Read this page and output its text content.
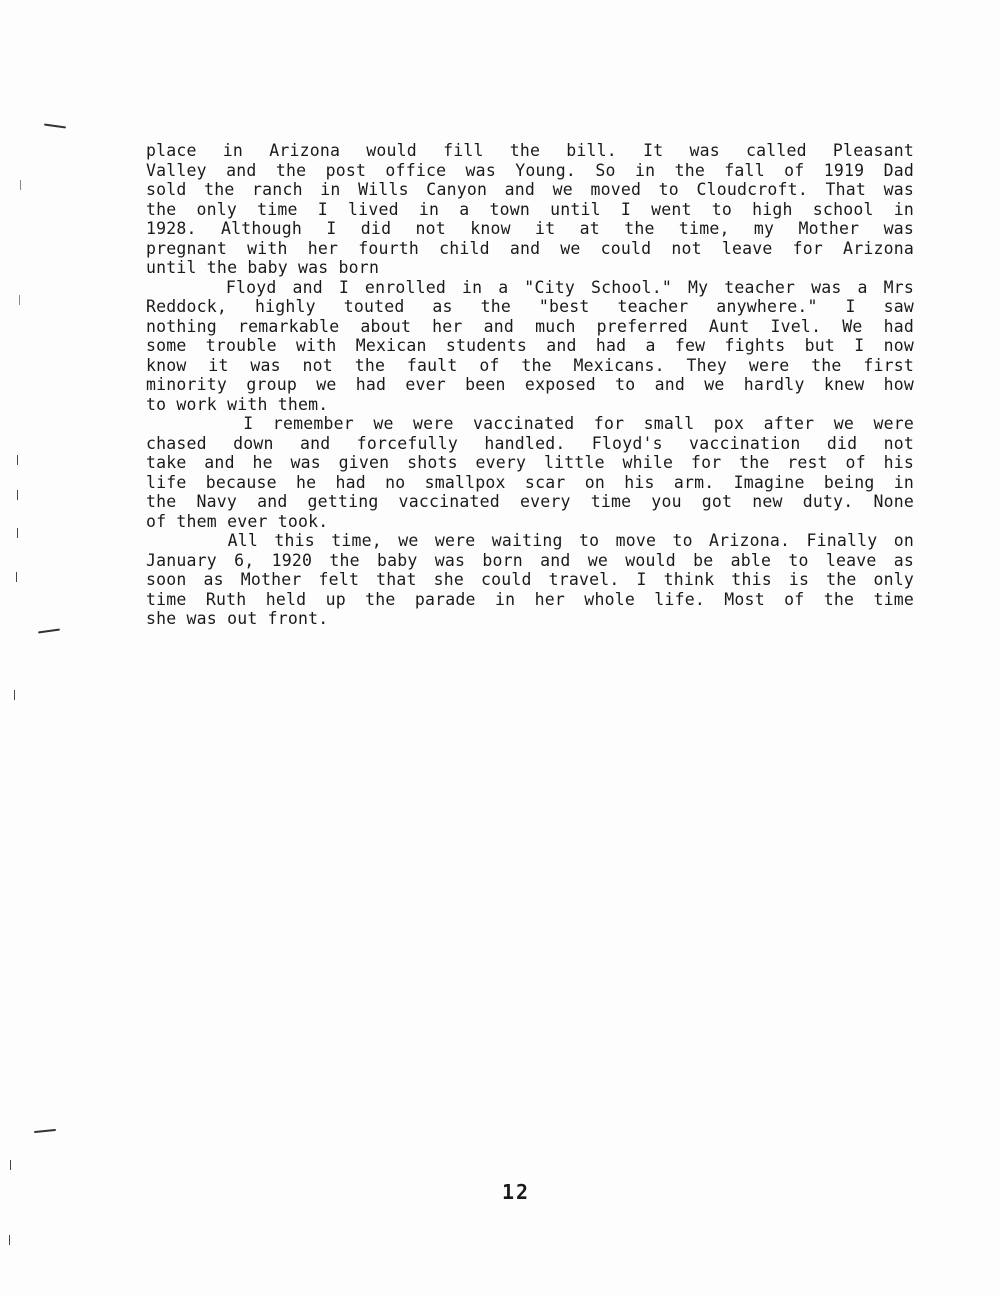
place in Arizona would fill the bill. It was called Pleasant
Valley and the post office was Young. So in the fall of 1919 Dad
sold the ranch in Wills Canyon and we moved to Cloudcroft. That was
the only time I lived in a town until I went to high school in
1928. Although I did not know it at the time, my Mother was
pregnant with her fourth child and we could not leave for Arizona
until the baby was born
Floyd and I enrolled in a "City School." My teacher was a Mrs
Reddock, highly touted as the "best teacher anywhere." I saw
nothing remarkable about her and much preferred Aunt Ivel. We had
some trouble with Mexican students and had a few fights but I now
know it was not the fault of the Mexicans. They were the first
minority group we had ever been exposed to and we hardly knew how
to work with them.
I remember we were vaccinated for small pox after we were
chased down and forcefully handled. Floyd's vaccination did not
take and he was given shots every little while for the rest of his
life because he had no smallpox scar on his arm. Imagine being in
the Navy and getting vaccinated every time you got new duty. None
of them ever took.
All this time, we were waiting to move to Arizona. Finally on
January 6, 1920 the baby was born and we would be able to leave as
soon as Mother felt that she could travel. I think this is the only
time Ruth held up the parade in her whole life. Most of the time
she was out front.
12
